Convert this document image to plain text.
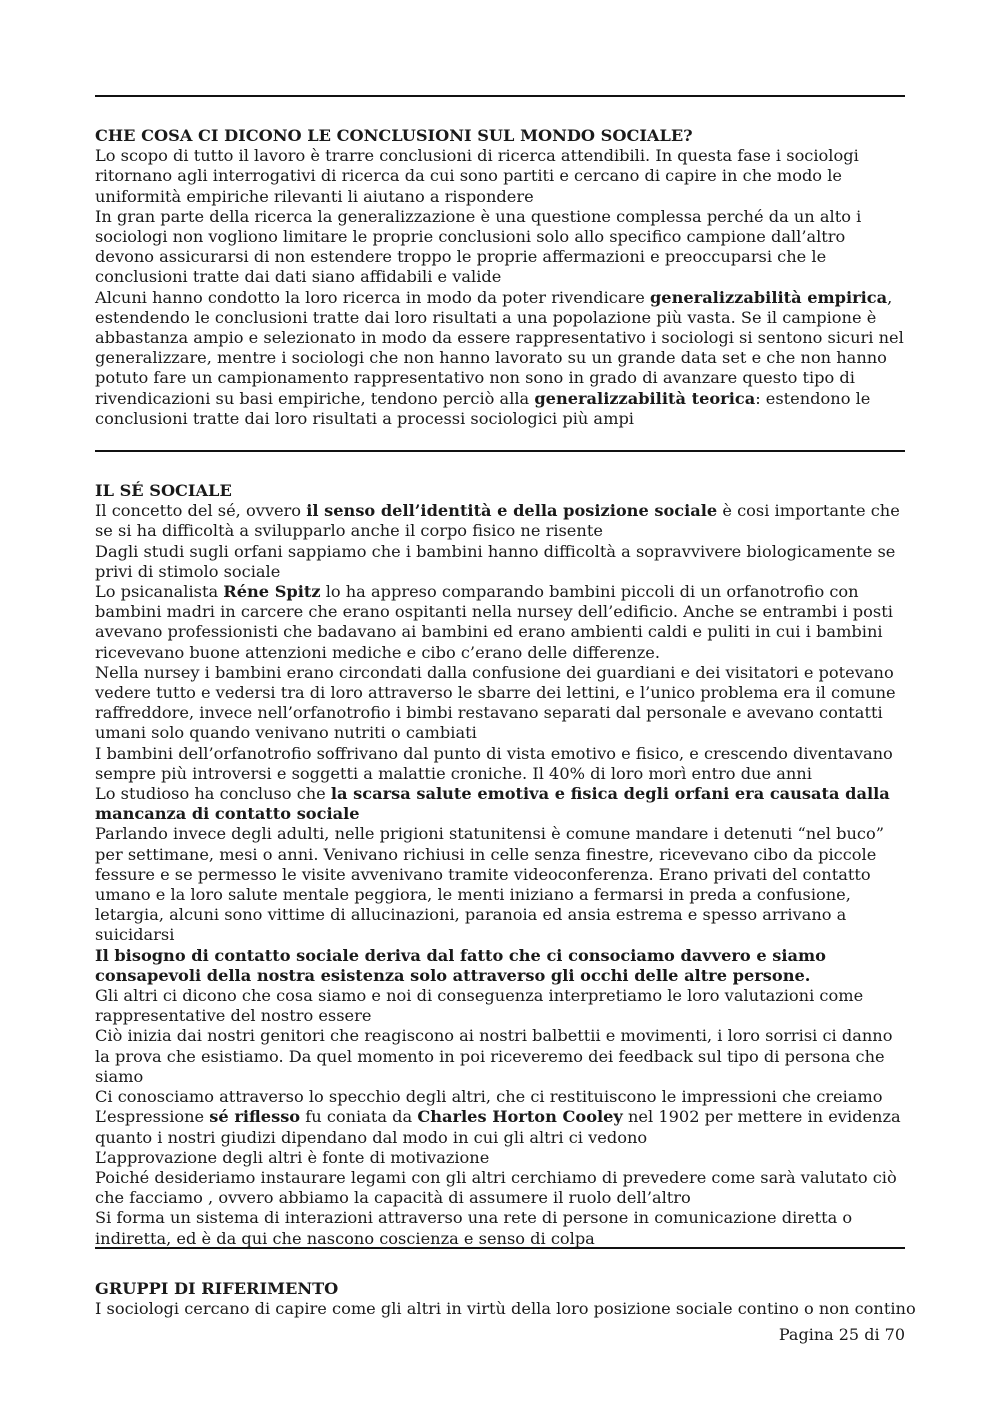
CHE COSA CI DICONO LE CONCLUSIONI SUL MONDO SOCIALE?

Lo scopo di tutto il lavoro è trarre conclusioni di ricerca attendibili. In questa fase i sociologi ritornano agli interrogativi di ricerca da cui sono partiti e cercano di capire in che modo le uniformità empiriche rilevanti li aiutano a rispondere

In gran parte della ricerca la generalizzazione è una questione complessa perché da un alto i sociologi non vogliono limitare le proprie conclusioni solo allo specifico campione dall’altro devono assicurarsi di non estendere troppo le proprie affermazioni e preoccuparsi che le conclusioni tratte dai dati siano affidabili e valide

Alcuni hanno condotto la loro ricerca in modo da poter rivendicare generalizzabilità empirica, estendendo le conclusioni tratte dai loro risultati a una popolazione più vasta. Se il campione è abbastanza ampio e selezionato in modo da essere rappresentativo i sociologi si sentono sicuri nel generalizzare, mentre i sociologi che non hanno lavorato su un grande data set e che non hanno potuto fare un campionamento rappresentativo non sono in grado di avanzare questo tipo di rivendicazioni su basi empiriche, tendono perciò alla generalizzabilità teorica: estendono le conclusioni tratte dai loro risultati a processi sociologici più ampi

IL SÉ SOCIALE

Il concetto del sé, ovvero il senso dell’identità e della posizione sociale è cosi importante che se si ha difficoltà a svilupparlo anche il corpo fisico ne risente

Dagli studi sugli orfani sappiamo che i bambini hanno difficoltà a sopravvivere biologicamente se privi di stimolo sociale

Lo psicanalista Réne Spitz lo ha appreso comparando bambini piccoli di un orfanotrofio con bambini madri in carcere che erano ospitanti nella nursey dell’edificio. Anche se entrambi i posti avevano professionisti che badavano ai bambini ed erano ambienti caldi e puliti in cui i bambini ricevevano buone attenzioni mediche e cibo c’erano delle differenze.

Nella nursey i bambini erano circondati dalla confusione dei guardiani e dei visitatori e potevano vedere tutto e vedersi tra di loro attraverso le sbarre dei lettini, e l’unico problema era il comune raffreddore, invece nell’orfanotrofio i bimbi restavano separati dal personale e avevano contatti umani solo quando venivano nutriti o cambiati

I bambini dell’orfanotrofio soffrivano dal punto di vista emotivo e fisico, e crescendo diventavano sempre più introversi e soggetti a malattie croniche. Il 40% di loro morì entro due anni

Lo studioso ha concluso che la scarsa salute emotiva e fisica degli orfani era causata dalla mancanza di contatto sociale

Parlando invece degli adulti, nelle prigioni statunitensi è comune mandare i detenuti “nel buco” per settimane, mesi o anni. Venivano richiusi in celle senza finestre, ricevevano cibo da piccole fessure e se permesso le visite avvenivano tramite videoconferenza. Erano privati del contatto umano e la loro salute mentale peggiora, le menti iniziano a fermarsi in preda a confusione, letargia, alcuni sono vittime di allucinazioni, paranoia ed ansia estrema e spesso arrivano a suicidarsi

Il bisogno di contatto sociale deriva dal fatto che ci consociamo davvero e siamo consapevoli della nostra esistenza solo attraverso gli occhi delle altre persone.

Gli altri ci dicono che cosa siamo e noi di conseguenza interpretiamo le loro valutazioni come rappresentative del nostro essere

Ciò inizia dai nostri genitori che reagiscono ai nostri balbettii e movimenti, i loro sorrisi ci danno la prova che esistiamo. Da quel momento in poi riceveremo dei feedback sul tipo di persona che siamo

Ci conosciamo attraverso lo specchio degli altri, che ci restituiscono le impressioni che creiamo

L’espressione sé riflesso fu coniata da Charles Horton Cooley nel 1902 per mettere in evidenza quanto i nostri giudizi dipendano dal modo in cui gli altri ci vedono

L’approvazione degli altri è fonte di motivazione

Poiché desideriamo instaurare legami con gli altri cerchiamo di prevedere come sarà valutato ciò che facciamo , ovvero abbiamo la capacità di assumere il ruolo dell’altro

Si forma un sistema di interazioni attraverso una rete di persone in comunicazione diretta o indiretta, ed è da qui che nascono coscienza e senso di colpa

GRUPPI DI RIFERIMENTO

I sociologi cercano di capire come gli altri in virtù della loro posizione sociale contino o non contino

Pagina 25 di 70
